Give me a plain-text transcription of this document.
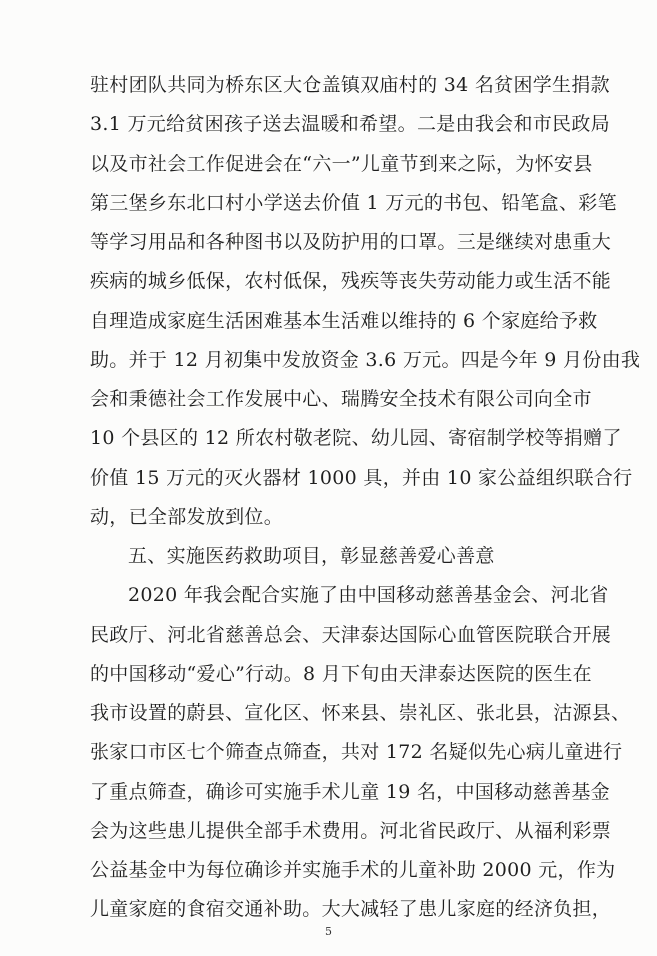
驻村团队共同为桥东区大仓盖镇双庙村的 34 名贫困学生捐款
3.1 万元给贫困孩子送去温暖和希望。二是由我会和市民政局
以及市社会工作促进会在“六一”儿童节到来之际，为怀安县
第三堡乡东北口村小学送去价值 1 万元的书包、铅笔盒、彩笔
等学习用品和各种图书以及防护用的口罩。三是继续对患重大
疾病的城乡低保，农村低保，残疾等丧失劳动能力或生活不能
自理造成家庭生活困难基本生活难以维持的 6 个家庭给予救
助。并于 12 月初集中发放资金 3.6 万元。四是今年 9 月份由我
会和秉德社会工作发展中心、瑞腾安全技术有限公司向全市
10 个县区的 12 所农村敬老院、幼儿园、寄宿制学校等捐赠了
价值 15 万元的灭火器材 1000 具，并由 10 家公益组织联合行
动，已全部发放到位。
五、实施医药救助项目，彰显慈善爱心善意
2020 年我会配合实施了由中国移动慈善基金会、河北省
民政厅、河北省慈善总会、天津泰达国际心血管医院联合开展
的中国移动“爱心”行动。8 月下旬由天津泰达医院的医生在
我市设置的蔚县、宣化区、怀来县、崇礼区、张北县，沽源县、
张家口市区七个筛查点筛查，共对 172 名疑似先心病儿童进行
了重点筛查，确诊可实施手术儿童 19 名，中国移动慈善基金
会为这些患儿提供全部手术费用。河北省民政厅、从福利彩票
公益基金中为每位确诊并实施手术的儿童补助 2000 元，作为
儿童家庭的食宿交通补助。大大减轻了患儿家庭的经济负担，
5
